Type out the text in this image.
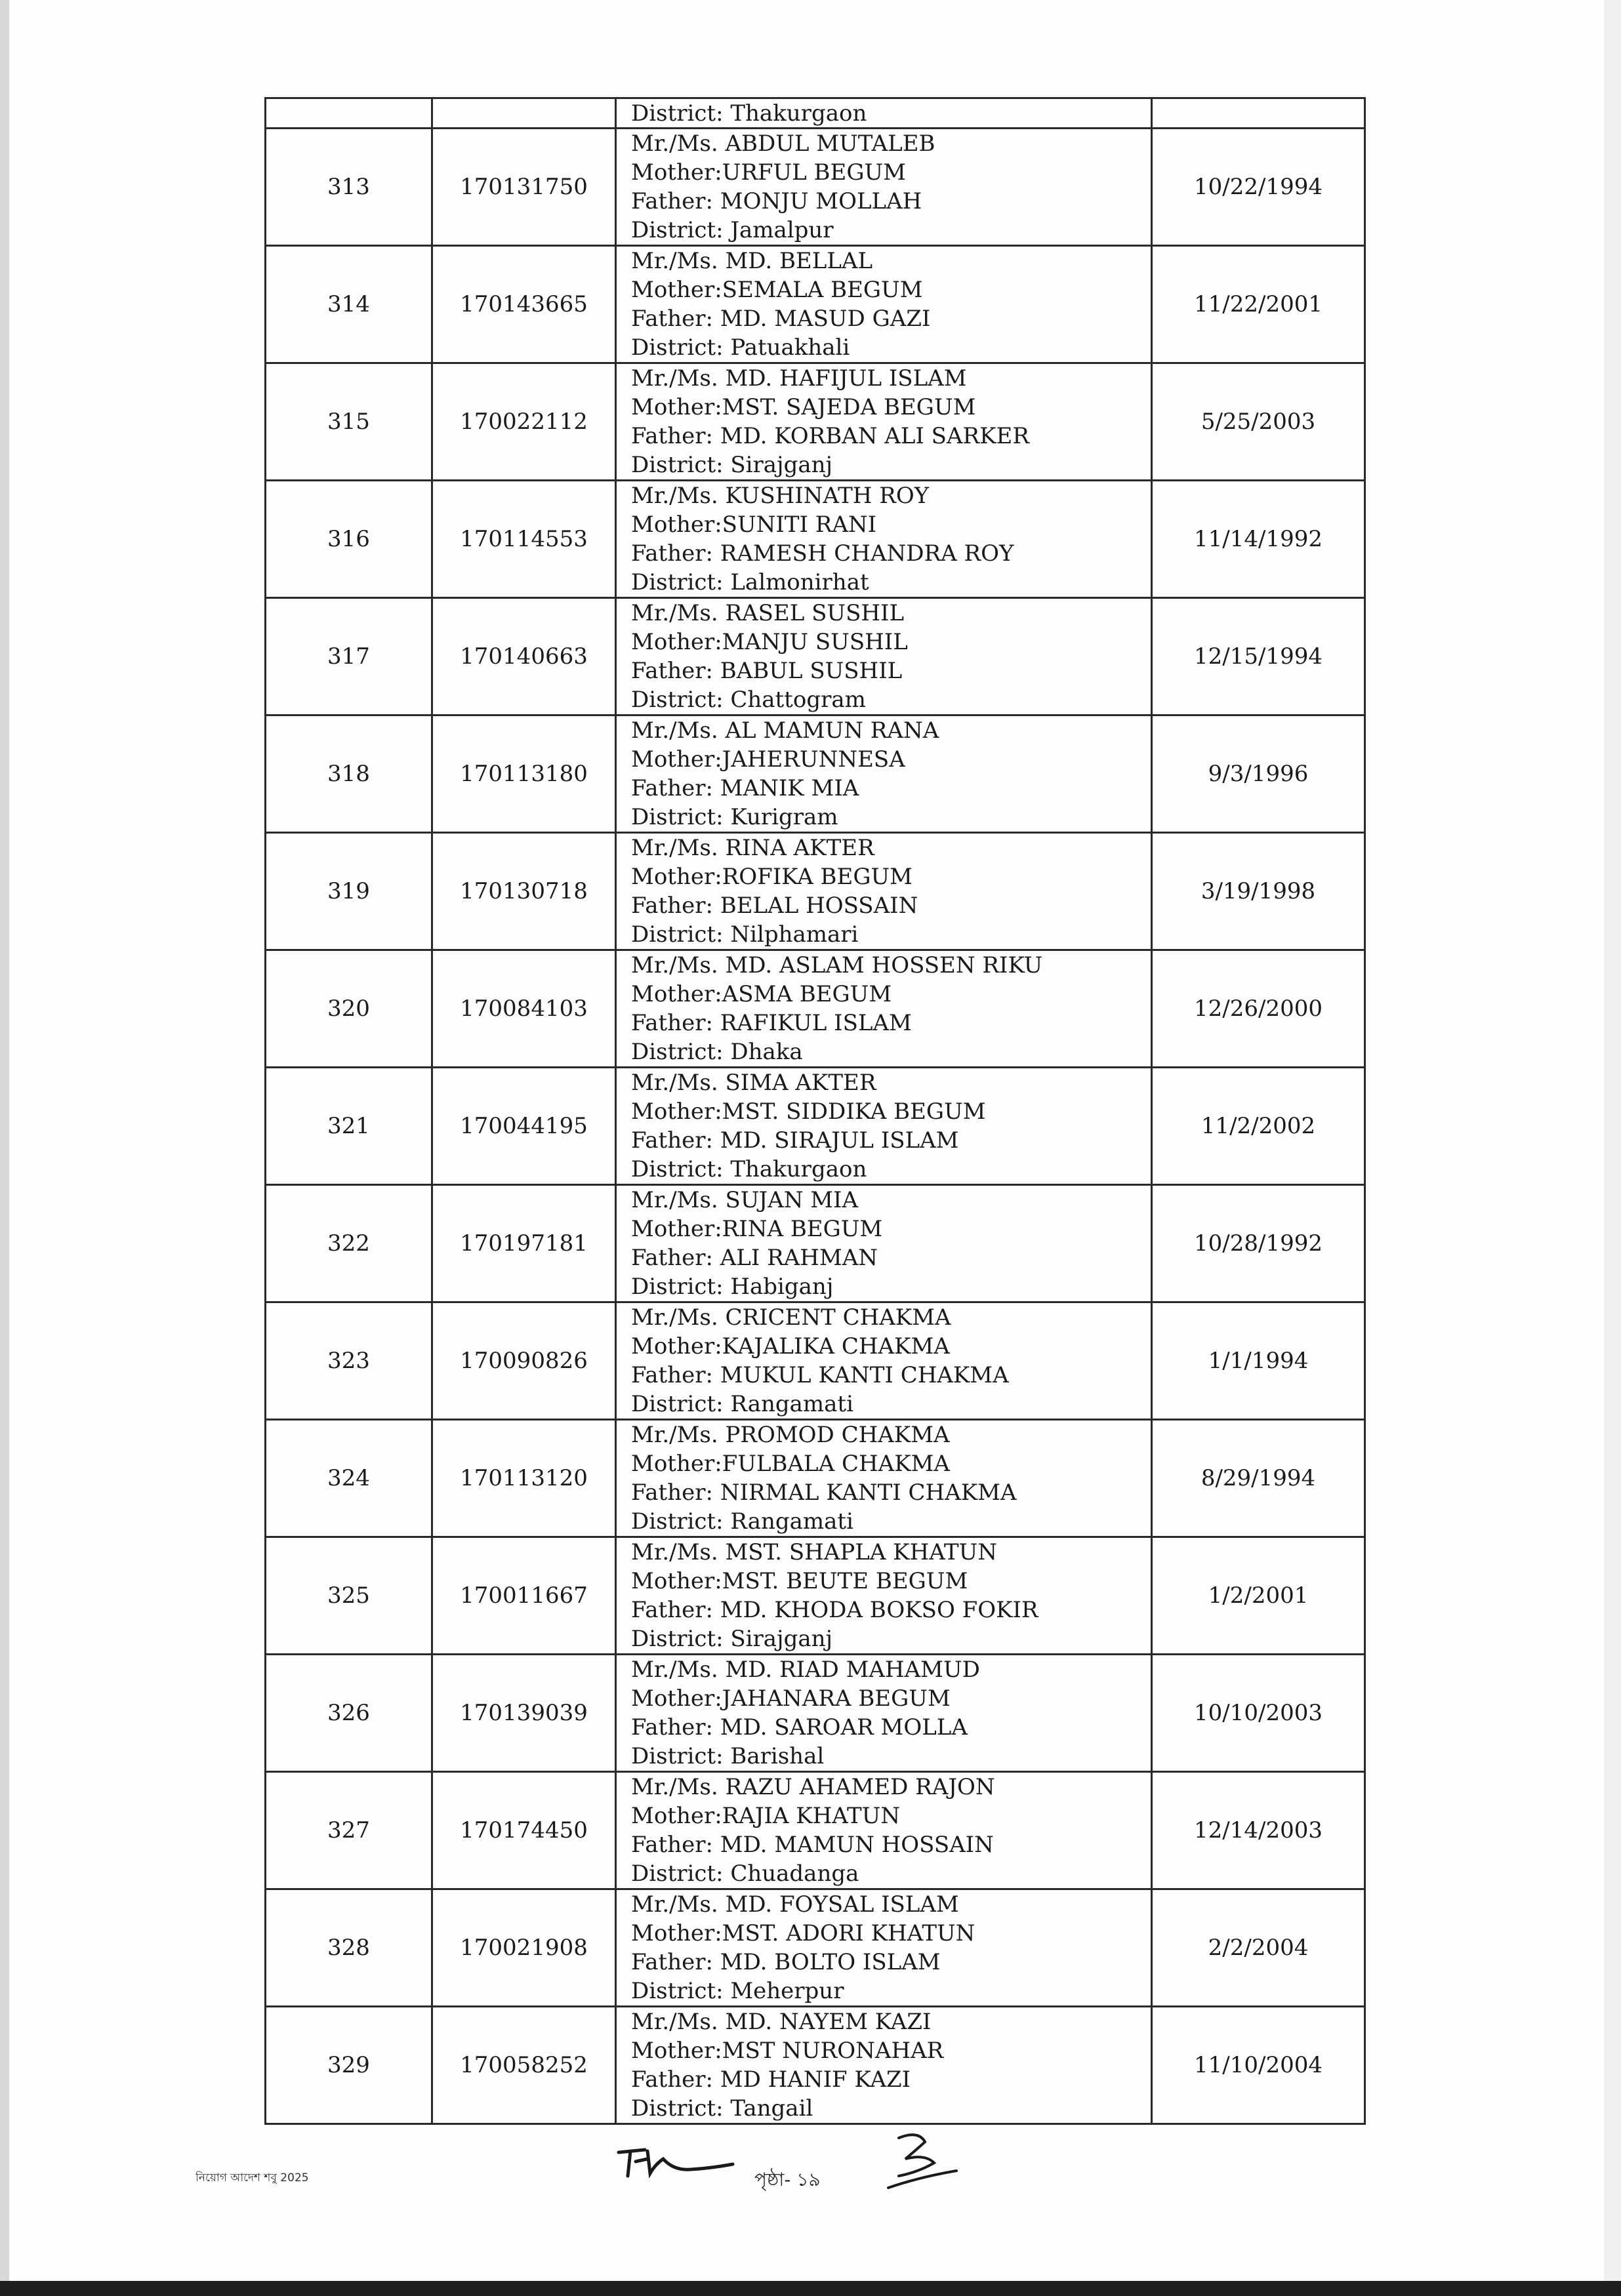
		District: Thakurgaon	

313	170131750	Mr./Ms. ABDUL MUTALEB
Mother:URFUL BEGUM
Father: MONJU MOLLAH
District: Jamalpur	10/22/1994
314	170143665	Mr./Ms. MD. BELLAL
Mother:SEMALA BEGUM
Father: MD. MASUD GAZI
District: Patuakhali	11/22/2001
315	170022112	Mr./Ms. MD. HAFIJUL ISLAM
Mother:MST. SAJEDA BEGUM
Father: MD. KORBAN ALI SARKER
District: Sirajganj	5/25/2003
316	170114553	Mr./Ms. KUSHINATH ROY
Mother:SUNITI RANI
Father: RAMESH CHANDRA ROY
District: Lalmonirhat	11/14/1992
317	170140663	Mr./Ms. RASEL SUSHIL
Mother:MANJU SUSHIL
Father: BABUL SUSHIL
District: Chattogram	12/15/1994
318	170113180	Mr./Ms. AL MAMUN RANA
Mother:JAHERUNNESA
Father: MANIK MIA
District: Kurigram	9/3/1996
319	170130718	Mr./Ms. RINA AKTER
Mother:ROFIKA BEGUM
Father: BELAL HOSSAIN
District: Nilphamari	3/19/1998
320	170084103	Mr./Ms. MD. ASLAM HOSSEN RIKU
Mother:ASMA BEGUM
Father: RAFIKUL ISLAM
District: Dhaka	12/26/2000
321	170044195	Mr./Ms. SIMA AKTER
Mother:MST. SIDDIKA BEGUM
Father: MD. SIRAJUL ISLAM
District: Thakurgaon	11/2/2002
322	170197181	Mr./Ms. SUJAN MIA
Mother:RINA BEGUM
Father: ALI RAHMAN
District: Habiganj	10/28/1992
323	170090826	Mr./Ms. CRICENT CHAKMA
Mother:KAJALIKA CHAKMA
Father: MUKUL KANTI CHAKMA
District: Rangamati	1/1/1994
324	170113120	Mr./Ms. PROMOD CHAKMA
Mother:FULBALA CHAKMA
Father: NIRMAL KANTI CHAKMA
District: Rangamati	8/29/1994
325	170011667	Mr./Ms. MST. SHAPLA KHATUN
Mother:MST. BEUTE BEGUM
Father: MD. KHODA BOKSO FOKIR
District: Sirajganj	1/2/2001
326	170139039	Mr./Ms. MD. RIAD MAHAMUD
Mother:JAHANARA BEGUM
Father: MD. SAROAR MOLLA
District: Barishal	10/10/2003
327	170174450	Mr./Ms. RAZU AHAMED RAJON
Mother:RAJIA KHATUN
Father: MD. MAMUN HOSSAIN
District: Chuadanga	12/14/2003
328	170021908	Mr./Ms. MD. FOYSAL ISLAM
Mother:MST. ADORI KHATUN
Father: MD. BOLTO ISLAM
District: Meherpur	2/2/2004
329	170058252	Mr./Ms. MD. NAYEM KAZI
Mother:MST NURONAHAR
Father: MD HANIF KAZI
District: Tangail	11/10/2004
নিয়োগ আদেশ শবু 2025	পৃষ্ঠা- ১৯
